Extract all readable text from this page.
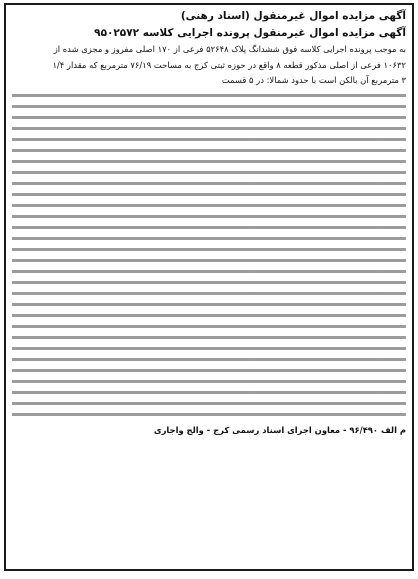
آگهی مزایده اموال غیرمنقول (اسناد رهنی)
آگهی مزایده اموال غیرمنقول پرونده اجرایی کلاسه ۹۵۰۲۵۷۲

به موجب پرونده اجرایی کلاسه فوق ششدانگ پلاک ۵۲۶۴۸ فرعی از ۱۷۰ اصلی مفروز و مجزی شده از

۱۰۶۳۲ فرعی از اصلی مذکور قطعه ۸ واقع در حوزه ثبتی کرج به مساحت ۷۶/۱۹ مترمربع که مقدار ۱/۴

۳ مترمربع آن بالکن است با حدود شمالا: در ۵ قسمت

م الف ۹۶/۴۹۰ - معاون اجرای اسناد رسمی کرج - والج واجاری
